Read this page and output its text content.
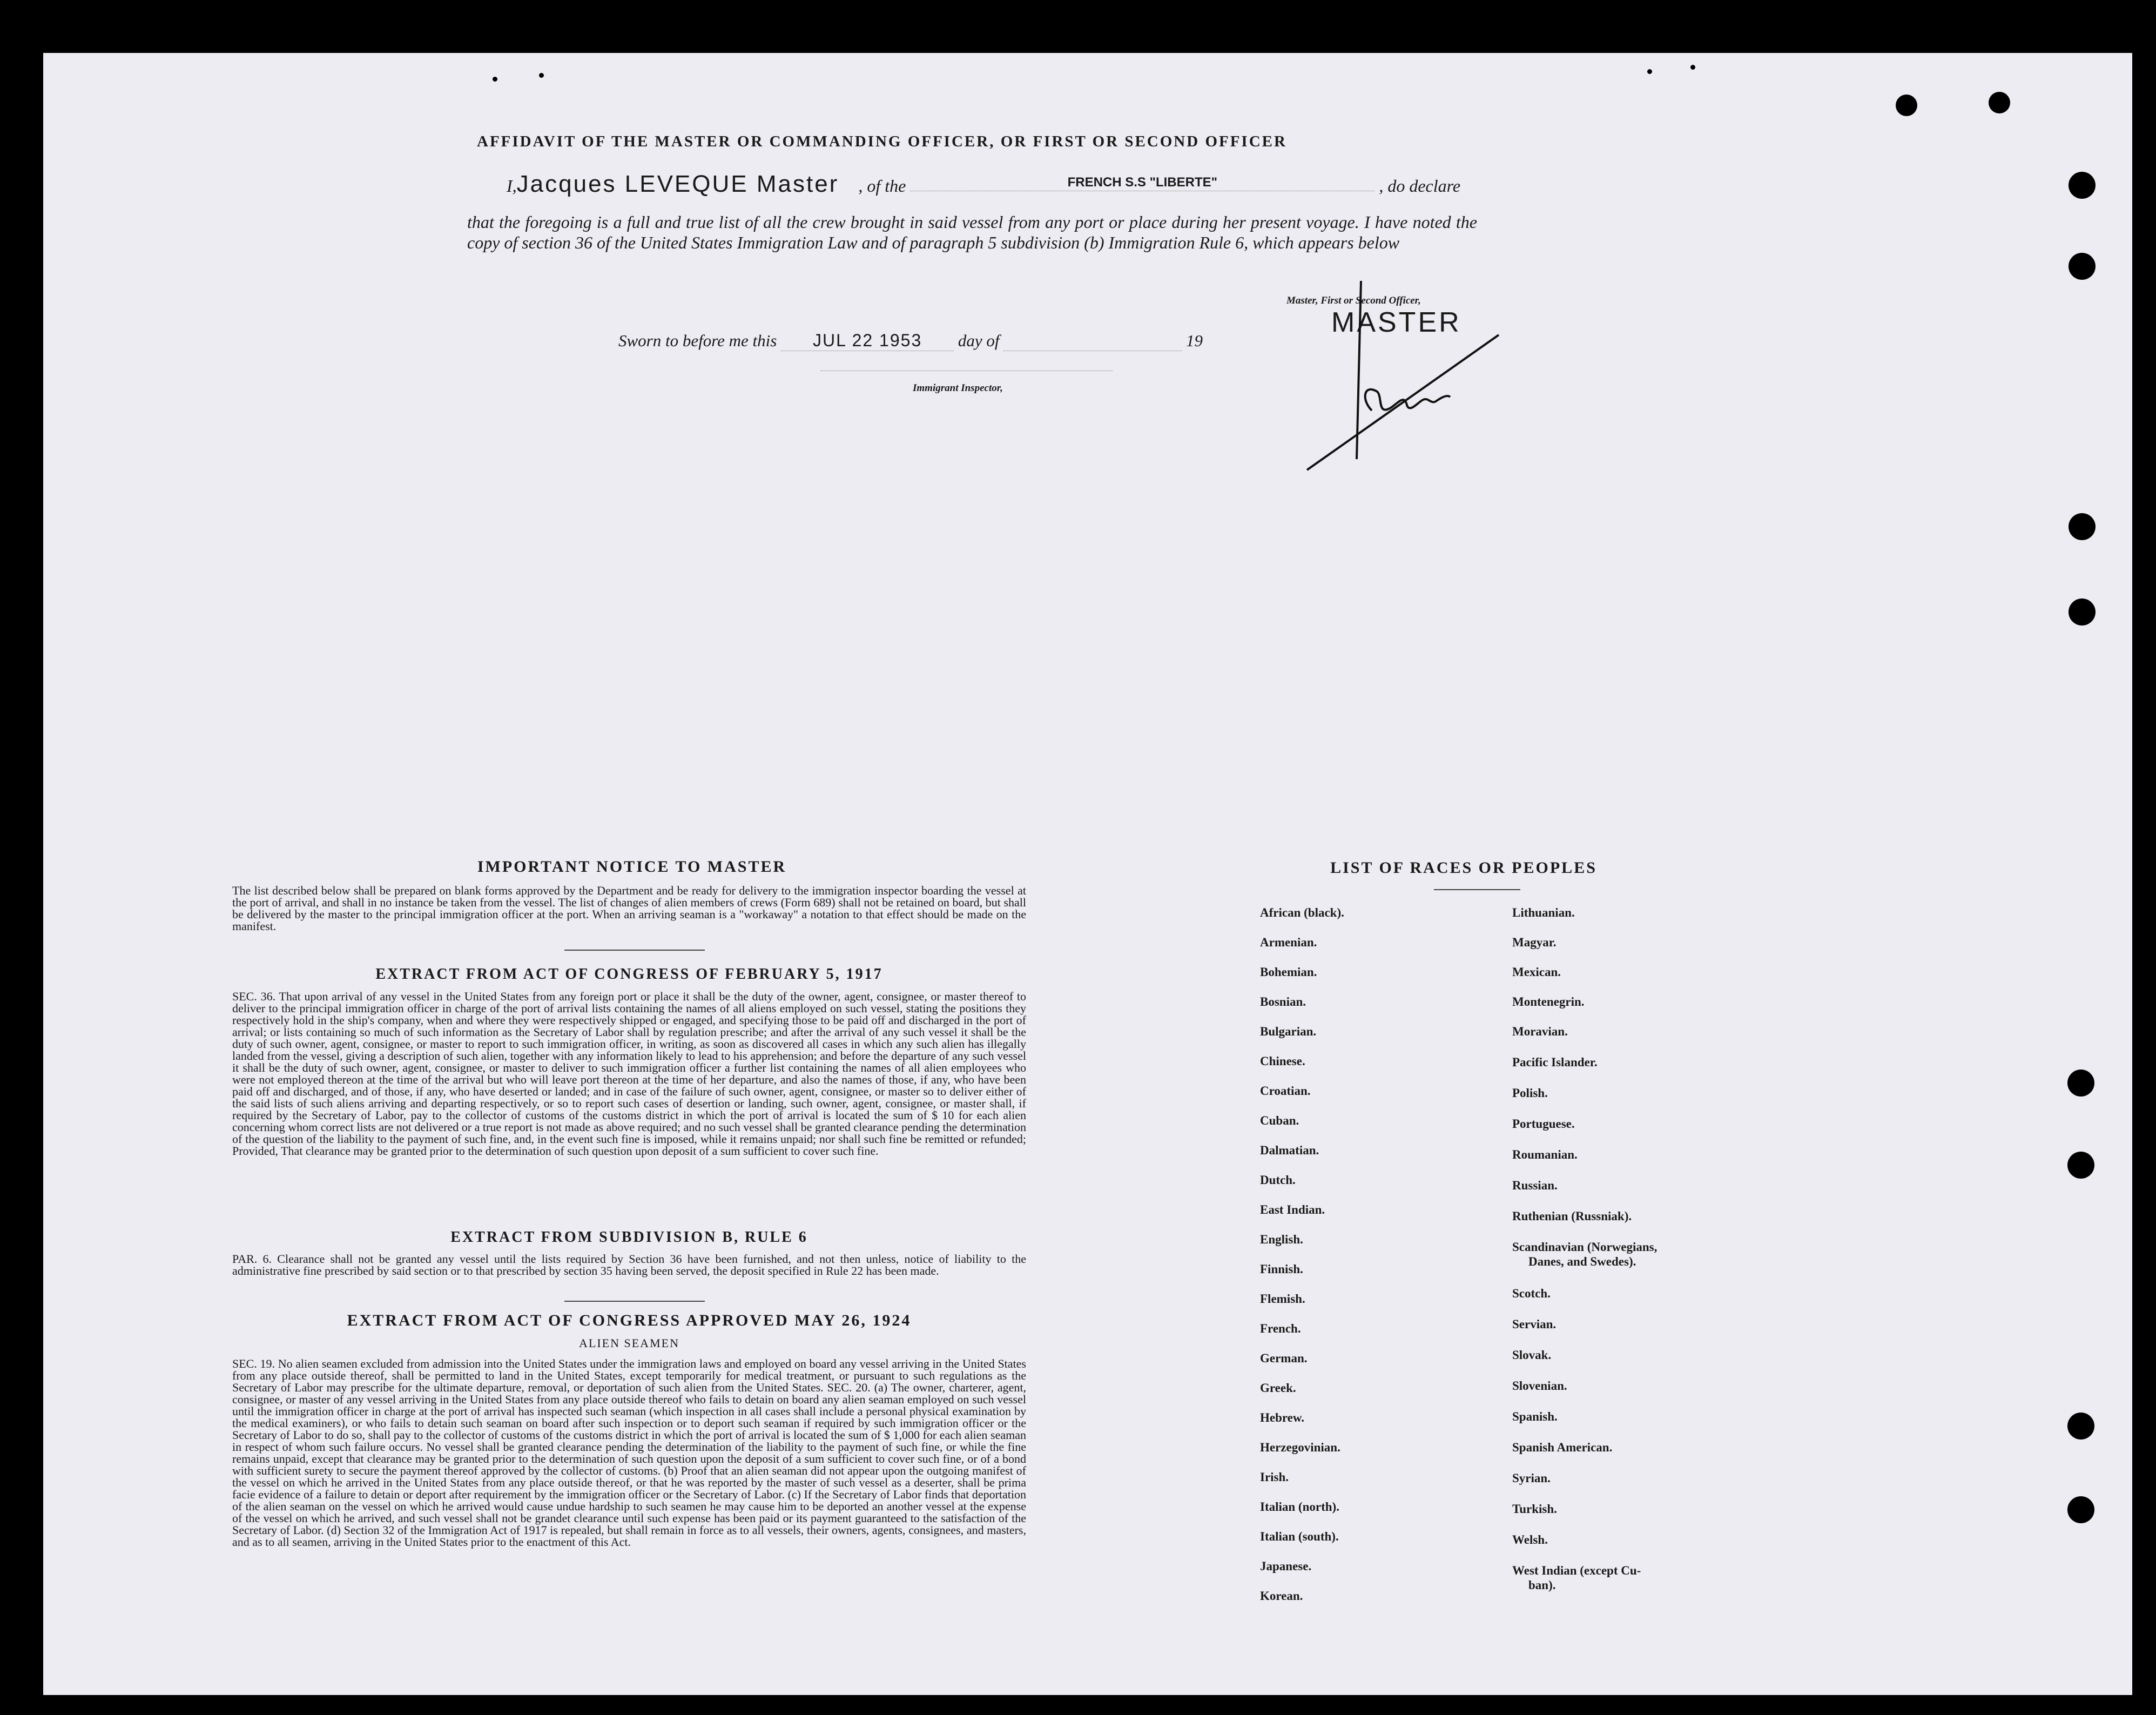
AFFIDAVIT OF THE MASTER OR COMMANDING OFFICER, OR FIRST OR SECOND OFFICER
I,Jacques LEVEQUE Master , of the	FRENCH S.S "LIBERTE"	, do declare
that the foregoing is a full and true list of all the crew brought in said vessel from any port or place during her present voyage. I have noted the copy of section 36 of the United States Immigration Law and of paragraph 5 subdivision (b) Immigration Rule 6, which appears below
Master, First or Second Officer,
MASTER
Sworn to before me this JUL 22 1953 day of	19
Immigrant Inspector,
IMPORTANT NOTICE TO MASTER
The list described below shall be prepared on blank forms approved by the Department and be ready for delivery to the immigration inspector boarding the vessel at the port of arrival, and shall in no instance be taken from the vessel. The list of changes of alien members of crews (Form 689) shall not be retained on board, but shall be delivered by the master to the principal immigration officer at the port. When an arriving seaman is a "workaway" a notation to that effect should be made on the manifest.
EXTRACT FROM ACT OF CONGRESS OF FEBRUARY 5, 1917
SEC. 36. That upon arrival of any vessel in the United States from any foreign port or place it shall be the duty of the owner, agent, consignee, or master thereof to deliver to the principal immigration officer in charge of the port of arrival lists containing the names of all aliens employed on such vessel, stating the positions they respectively hold in the ship's company, when and where they were respectively shipped or engaged, and specifying those to be paid off and discharged in the port of arrival; or lists containing so much of such information as the Secretary of Labor shall by regulation prescribe; and after the arrival of any such vessel it shall be the duty of such owner, agent, consignee, or master to report to such immigration officer, in writing, as soon as discovered all cases in which any such alien has illegally landed from the vessel, giving a description of such alien, together with any information likely to lead to his apprehension; and before the departure of any such vessel it shall be the duty of such owner, agent, consignee, or master to deliver to such immigration officer a further list containing the names of all alien employees who were not employed thereon at the time of the arrival but who will leave port thereon at the time of her departure, and also the names of those, if any, who have been paid off and discharged, and of those, if any, who have deserted or landed; and in case of the failure of such owner, agent, consignee, or master so to deliver either of the said lists of such aliens arriving and departing respectively, or so to report such cases of desertion or landing, such owner, agent, consignee, or master shall, if required by the Secretary of Labor, pay to the collector of customs of the customs district in which the port of arrival is located the sum of $ 10 for each alien concerning whom correct lists are not delivered or a true report is not made as above required; and no such vessel shall be granted clearance pending the determination of the question of the liability to the payment of such fine, and, in the event such fine is imposed, while it remains unpaid; nor shall such fine be remitted or refunded; Provided, That clearance may be granted prior to the determination of such question upon deposit of a sum sufficient to cover such fine.
EXTRACT FROM SUBDIVISION B, RULE 6
PAR. 6. Clearance shall not be granted any vessel until the lists required by Section 36 have been furnished, and not then unless, notice of liability to the administrative fine prescribed by said section or to that prescribed by section 35 having been served, the deposit specified in Rule 22 has been made.
EXTRACT FROM ACT OF CONGRESS APPROVED MAY 26, 1924
ALIEN SEAMEN
SEC. 19. No alien seamen excluded from admission into the United States under the immigration laws and employed on board any vessel arriving in the United States from any place outside thereof, shall be permitted to land in the United States, except temporarily for medical treatment, or pursuant to such regulations as the Secretary of Labor may prescribe for the ultimate departure, removal, or deportation of such alien from the United States. SEC. 20. (a) The owner, charterer, agent, consignee, or master of any vessel arriving in the United States from any place outside thereof who fails to detain on board any alien seaman employed on such vessel until the immigration officer in charge at the port of arrival has inspected such seaman (which inspection in all cases shall include a personal physical examination by the medical examiners), or who fails to detain such seaman on board after such inspection or to deport such seaman if required by such immigration officer or the Secretary of Labor to do so, shall pay to the collector of customs of the customs district in which the port of arrival is located the sum of $ 1,000 for each alien seaman in respect of whom such failure occurs. No vessel shall be granted clearance pending the determination of the liability to the payment of such fine, or while the fine remains unpaid, except that clearance may be granted prior to the determination of such question upon the deposit of a sum sufficient to cover such fine, or of a bond with sufficient surety to secure the payment thereof approved by the collector of customs. (b) Proof that an alien seaman did not appear upon the outgoing manifest of the vessel on which he arrived in the United States from any place outside thereof, or that he was reported by the master of such vessel as a deserter, shall be prima facie evidence of a failure to detain or deport after requirement by the immigration officer or the Secretary of Labor. (c) If the Secretary of Labor finds that deportation of the alien seaman on the vessel on which he arrived would cause undue hardship to such seamen he may cause him to be deported an another vessel at the expense of the vessel on which he arrived, and such vessel shall not be grandet clearance until such expense has been paid or its payment guaranteed to the satisfaction of the Secretary of Labor. (d) Section 32 of the Immigration Act of 1917 is repealed, but shall remain in force as to all vessels, their owners, agents, consignees, and masters, and as to all seamen, arriving in the United States prior to the enactment of this Act.
LIST OF RACES OR PEOPLES
African (black).
Armenian.
Bohemian.
Bosnian.
Bulgarian.
Chinese.
Croatian.
Cuban.
Dalmatian.
Dutch.
East Indian.
English.
Finnish.
Flemish.
French.
German.
Greek.
Hebrew.
Herzegovinian.
Irish.
Italian (north).
Italian (south).
Japanese.
Korean.
Lithuanian.
Magyar.
Mexican.
Montenegrin.
Moravian.
Pacific Islander.
Polish.
Portuguese.
Roumanian.
Russian.
Ruthenian (Russniak).
Scandinavian (Norwegians,
Danes, and Swedes).
Scotch.
Servian.
Slovak.
Slovenian.
Spanish.
Spanish American.
Syrian.
Turkish.
Welsh.
West Indian (except Cu-
ban).
